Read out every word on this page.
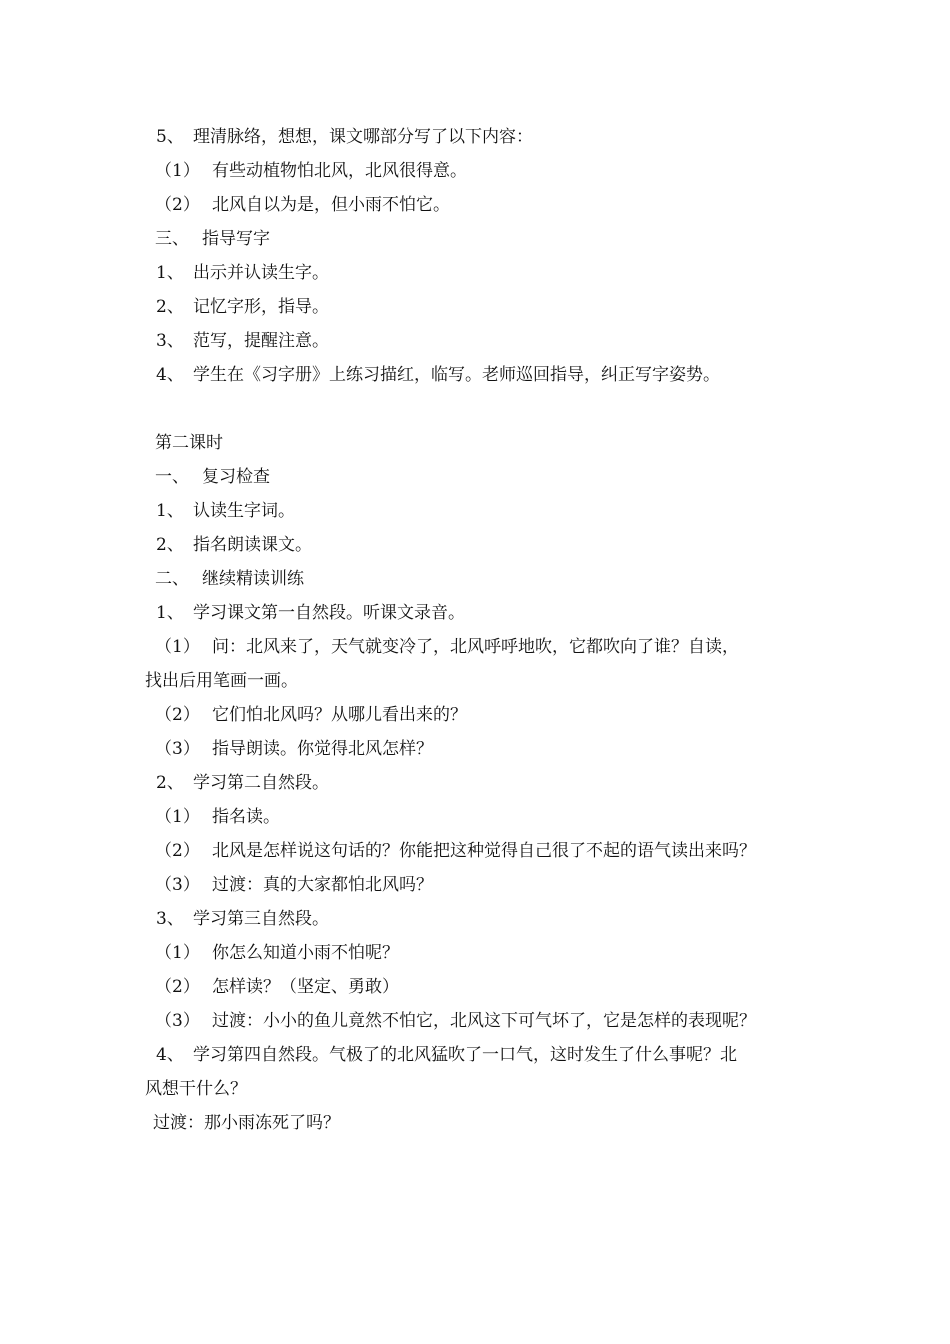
5、 理清脉络，想想，课文哪部分写了以下内容：
（1） 有些动植物怕北风，北风很得意。
（2） 北风自以为是，但小雨不怕它。
三、 指导写字
1、 出示并认读生字。
2、 记忆字形，指导。
3、 范写，提醒注意。
4、 学生在《习字册》上练习描红，临写。老师巡回指导，纠正写字姿势。
第二课时
一、 复习检查
1、 认读生字词。
2、 指名朗读课文。
二、 继续精读训练
1、 学习课文第一自然段。听课文录音。
（1） 问：北风来了，天气就变冷了，北风呼呼地吹，它都吹向了谁？自读，
找出后用笔画一画。
（2） 它们怕北风吗？从哪儿看出来的？
（3） 指导朗读。你觉得北风怎样？
2、 学习第二自然段。
（1） 指名读。
（2） 北风是怎样说这句话的？你能把这种觉得自己很了不起的语气读出来吗？
（3） 过渡：真的大家都怕北风吗？
3、 学习第三自然段。
（1） 你怎么知道小雨不怕呢？
（2） 怎样读？（坚定、勇敢）
（3） 过渡：小小的鱼儿竟然不怕它，北风这下可气坏了，它是怎样的表现呢？
4、 学习第四自然段。气极了的北风猛吹了一口气，这时发生了什么事呢？北
风想干什么？
过渡：那小雨冻死了吗？
